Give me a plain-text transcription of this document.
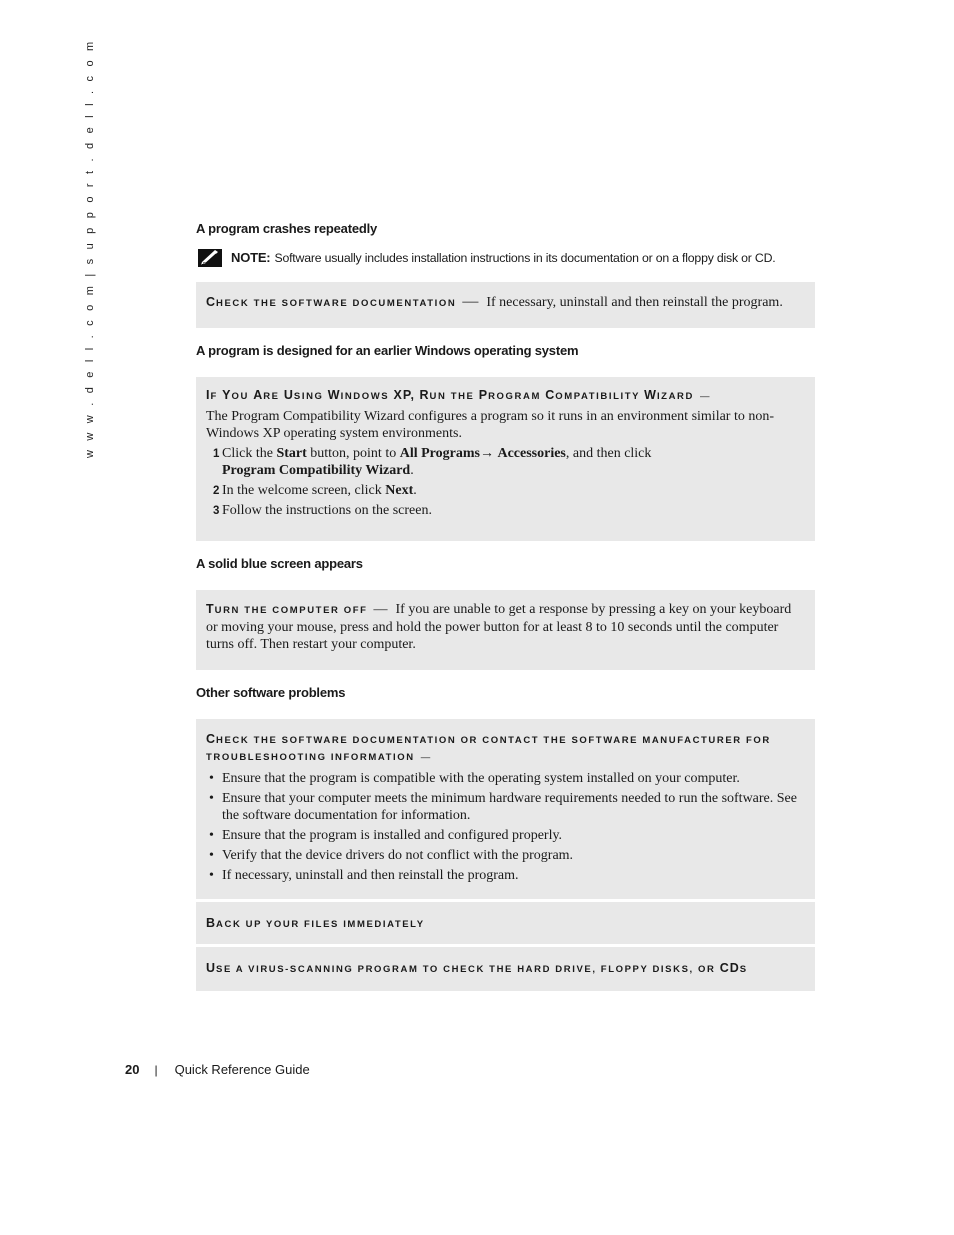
w w w . d e l l . c o m | s u p p o r t . d e l l . c o m	A program crashes repeatedly
NOTE: Software usually includes installation instructions in its documentation or on a floppy disk or CD.
CHECK THE SOFTWARE DOCUMENTATION — If necessary, uninstall and then reinstall the program.
A program is designed for an earlier Windows operating system
IF YOU ARE USING WINDOWS XP, RUN THE PROGRAM COMPATIBILITY WIZARD —
The Program Compatibility Wizard configures a program so it runs in an environment similar to non-Windows XP operating system environments.
1 Click the Start button, point to All Programs→ Accessories, and then click
Program Compatibility Wizard.
2 In the welcome screen, click Next.
3 Follow the instructions on the screen.
A solid blue screen appears
TURN THE COMPUTER OFF — If you are unable to get a response by pressing a key on your keyboard or moving your mouse, press and hold the power button for at least 8 to 10 seconds until the computer turns off. Then restart your computer.
Other software problems
CHECK THE SOFTWARE DOCUMENTATION OR CONTACT THE SOFTWARE MANUFACTURER FOR TROUBLESHOOTING INFORMATION —
• Ensure that the program is compatible with the operating system installed on your computer.
• Ensure that your computer meets the minimum hardware requirements needed to run the software. See the software documentation for information.
• Ensure that the program is installed and configured properly.
• Verify that the device drivers do not conflict with the program.
• If necessary, uninstall and then reinstall the program.
BACK UP YOUR FILES IMMEDIATELY
USE A VIRUS-SCANNING PROGRAM TO CHECK THE HARD DRIVE, FLOPPY DISKS, OR CDS
20 | Quick Reference Guide
